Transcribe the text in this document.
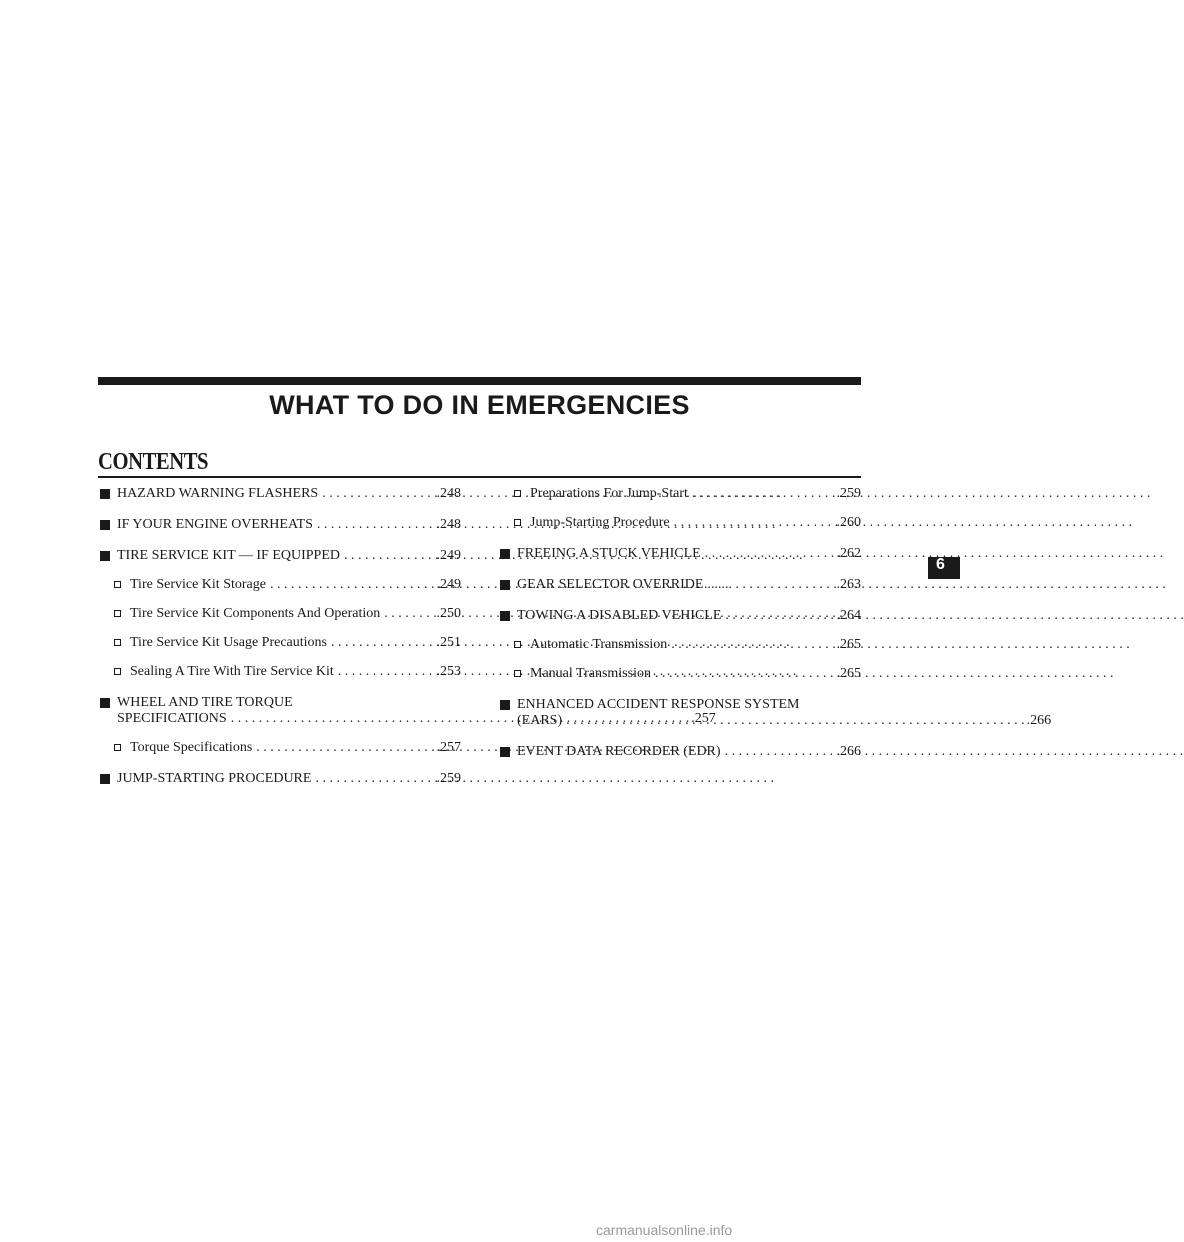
WHAT TO DO IN EMERGENCIES
CONTENTS
HAZARD WARNING FLASHERS . . .	.248
IF YOUR ENGINE OVERHEATS . . .	.248
TIRE SERVICE KIT — IF EQUIPPED . . .	.249
Tire Service Kit Storage . . .	.249
Tire Service Kit Components And Operation . . .	.250
Tire Service Kit Usage Precautions . . .	.251
Sealing A Tire With Tire Service Kit . . .	.253
WHEEL AND TIRE TORQUE
SPECIFICATIONS . . .	.257
Torque Specifications . . .	.257
JUMP-STARTING PROCEDURE . . .	.259
Preparations For Jump-Start . . .	.259
Jump-Starting Procedure . . .	.260
FREEING A STUCK VEHICLE . . .	.262
GEAR SELECTOR OVERRIDE . . .	.263
TOWING A DISABLED VEHICLE . . .	.264
Automatic Transmission . . .	.265
Manual Transmission . . .	.265
ENHANCED ACCIDENT RESPONSE SYSTEM
(EARS) . . .	.266
EVENT DATA RECORDER (EDR) . . .	.266
6
carmanualsonline.info
